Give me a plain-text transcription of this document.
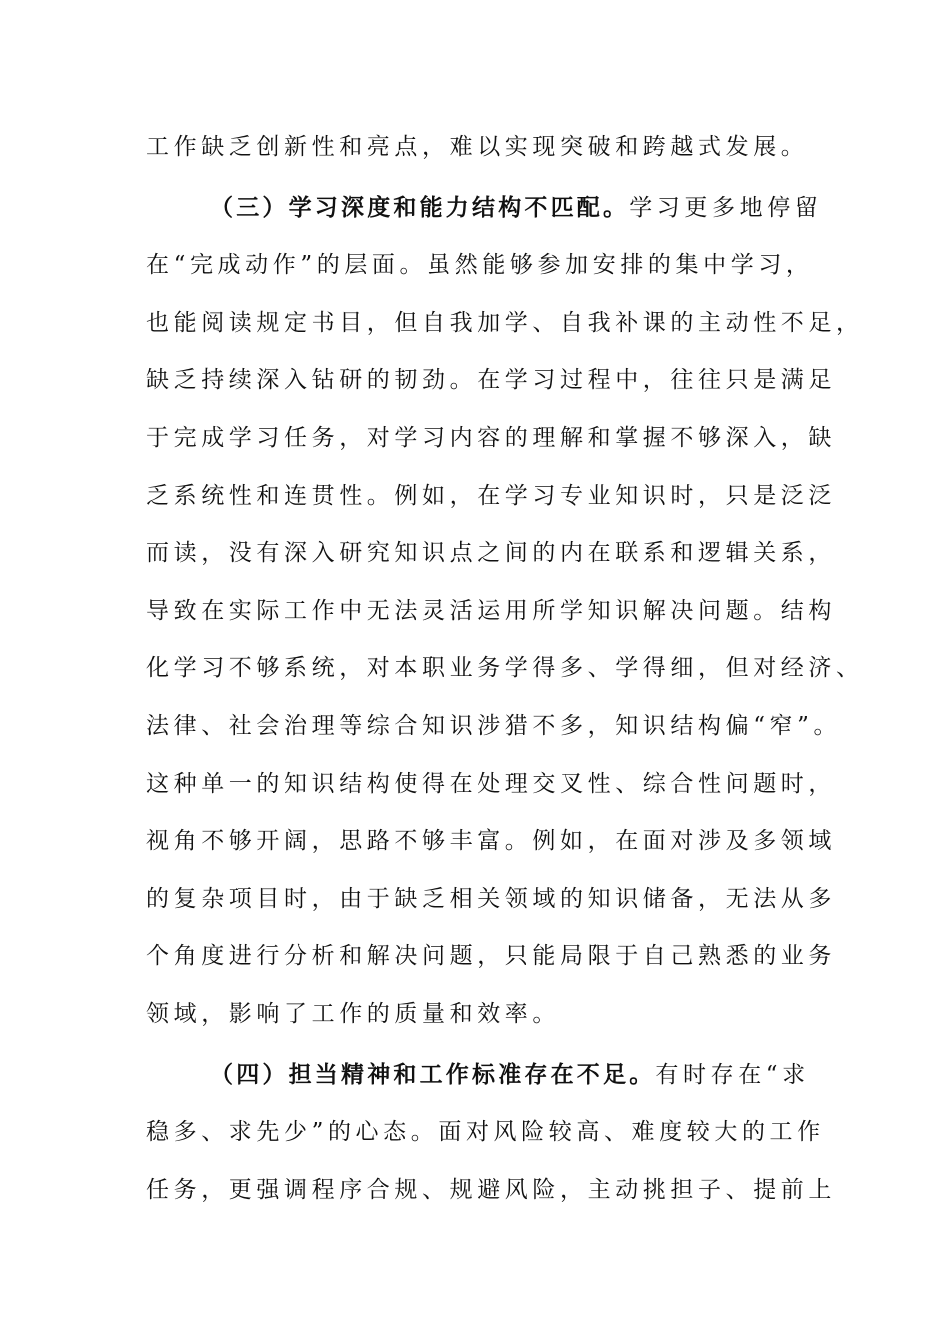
工作缺乏创新性和亮点，难以实现突破和跨越式发展。
（三）学习深度和能力结构不匹配。学习更多地停留
在“完成动作”的层面。虽然能够参加安排的集中学习，
也能阅读规定书目，但自我加学、自我补课的主动性不足，
缺乏持续深入钻研的韧劲。在学习过程中，往往只是满足
于完成学习任务，对学习内容的理解和掌握不够深入，缺
乏系统性和连贯性。例如，在学习专业知识时，只是泛泛
而读，没有深入研究知识点之间的内在联系和逻辑关系，
导致在实际工作中无法灵活运用所学知识解决问题。结构
化学习不够系统，对本职业务学得多、学得细，但对经济、
法律、社会治理等综合知识涉猎不多，知识结构偏“窄”。
这种单一的知识结构使得在处理交叉性、综合性问题时，
视角不够开阔，思路不够丰富。例如，在面对涉及多领域
的复杂项目时，由于缺乏相关领域的知识储备，无法从多
个角度进行分析和解决问题，只能局限于自己熟悉的业务
领域，影响了工作的质量和效率。
（四）担当精神和工作标准存在不足。有时存在“求
稳多、求先少”的心态。面对风险较高、难度较大的工作
任务，更强调程序合规、规避风险，主动挑担子、提前上
